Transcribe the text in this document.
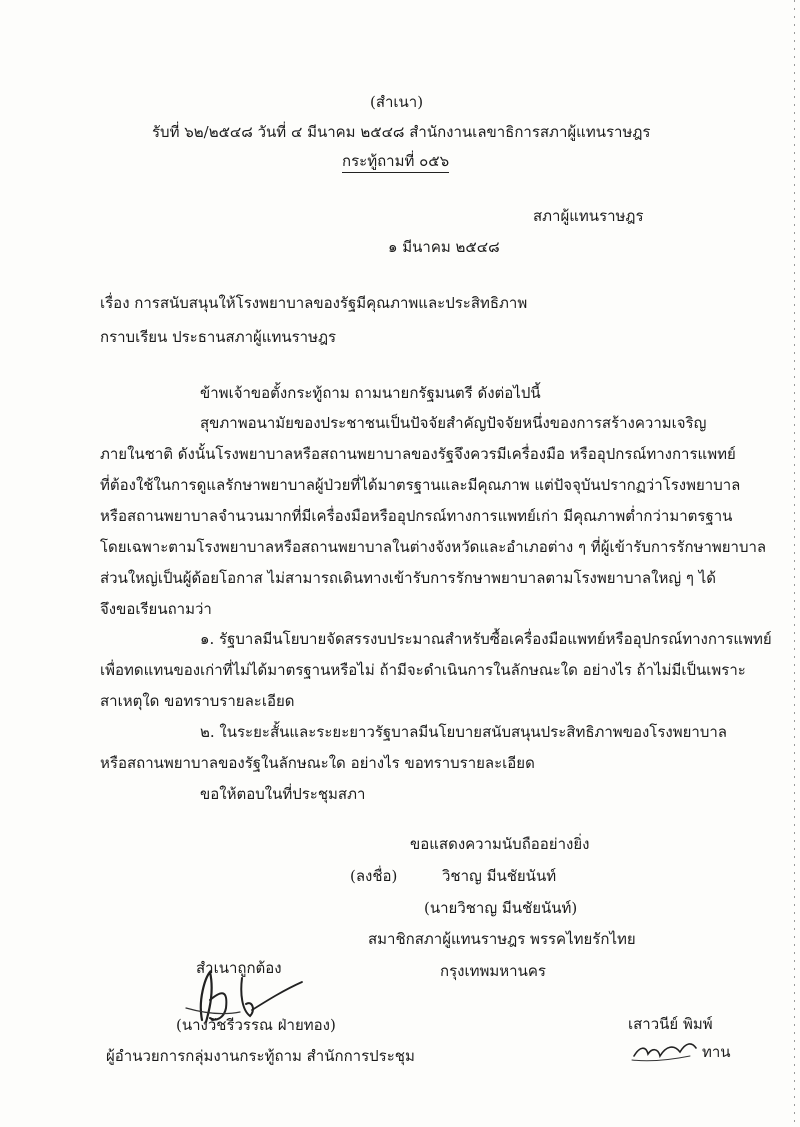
(สำเนา)
รับที่ ๖๒/๒๕๔๘ วันที่ ๔ มีนาคม ๒๕๔๘ สำนักงานเลขาธิการสภาผู้แทนราษฎร
กระทู้ถามที่ ๐๕๖
สภาผู้แทนราษฎร
๑ มีนาคม ๒๕๔๘
เรื่อง การสนับสนุนให้โรงพยาบาลของรัฐมีคุณภาพและประสิทธิภาพ
กราบเรียน ประธานสภาผู้แทนราษฎร
ข้าพเจ้าขอตั้งกระทู้ถาม ถามนายกรัฐมนตรี ดังต่อไปนี้
สุขภาพอนามัยของประชาชนเป็นปัจจัยสำคัญปัจจัยหนึ่งของการสร้างความเจริญ
ภายในชาติ ดังนั้นโรงพยาบาลหรือสถานพยาบาลของรัฐจึงควรมีเครื่องมือ หรืออุปกรณ์ทางการแพทย์
ที่ต้องใช้ในการดูแลรักษาพยาบาลผู้ป่วยที่ได้มาตรฐานและมีคุณภาพ แต่ปัจจุบันปรากฏว่าโรงพยาบาล
หรือสถานพยาบาลจำนวนมากที่มีเครื่องมือหรืออุปกรณ์ทางการแพทย์เก่า มีคุณภาพต่ำกว่ามาตรฐาน
โดยเฉพาะตามโรงพยาบาลหรือสถานพยาบาลในต่างจังหวัดและอำเภอต่าง ๆ ที่ผู้เข้ารับการรักษาพยาบาล
ส่วนใหญ่เป็นผู้ด้อยโอกาส ไม่สามารถเดินทางเข้ารับการรักษาพยาบาลตามโรงพยาบาลใหญ่ ๆ ได้
จึงขอเรียนถามว่า
๑. รัฐบาลมีนโยบายจัดสรรงบประมาณสำหรับซื้อเครื่องมือแพทย์หรืออุปกรณ์ทางการแพทย์
เพื่อทดแทนของเก่าที่ไม่ได้มาตรฐานหรือไม่ ถ้ามีจะดำเนินการในลักษณะใด อย่างไร ถ้าไม่มีเป็นเพราะ
สาเหตุใด ขอทราบรายละเอียด
๒. ในระยะสั้นและระยะยาวรัฐบาลมีนโยบายสนับสนุนประสิทธิภาพของโรงพยาบาล
หรือสถานพยาบาลของรัฐในลักษณะใด อย่างไร ขอทราบรายละเอียด
ขอให้ตอบในที่ประชุมสภา
ขอแสดงความนับถืออย่างยิ่ง
(ลงชื่อ)	วิชาญ มีนชัยนันท์
(นายวิชาญ มีนชัยนันท์)
สมาชิกสภาผู้แทนราษฎร พรรคไทยรักไทย
กรุงเทพมหานคร
สำเนาถูกต้อง
(นางวัชรีวรรณ ฝ่ายทอง)
ผู้อำนวยการกลุ่มงานกระทู้ถาม สำนักการประชุม
เสาวนีย์ พิมพ์
ทาน
